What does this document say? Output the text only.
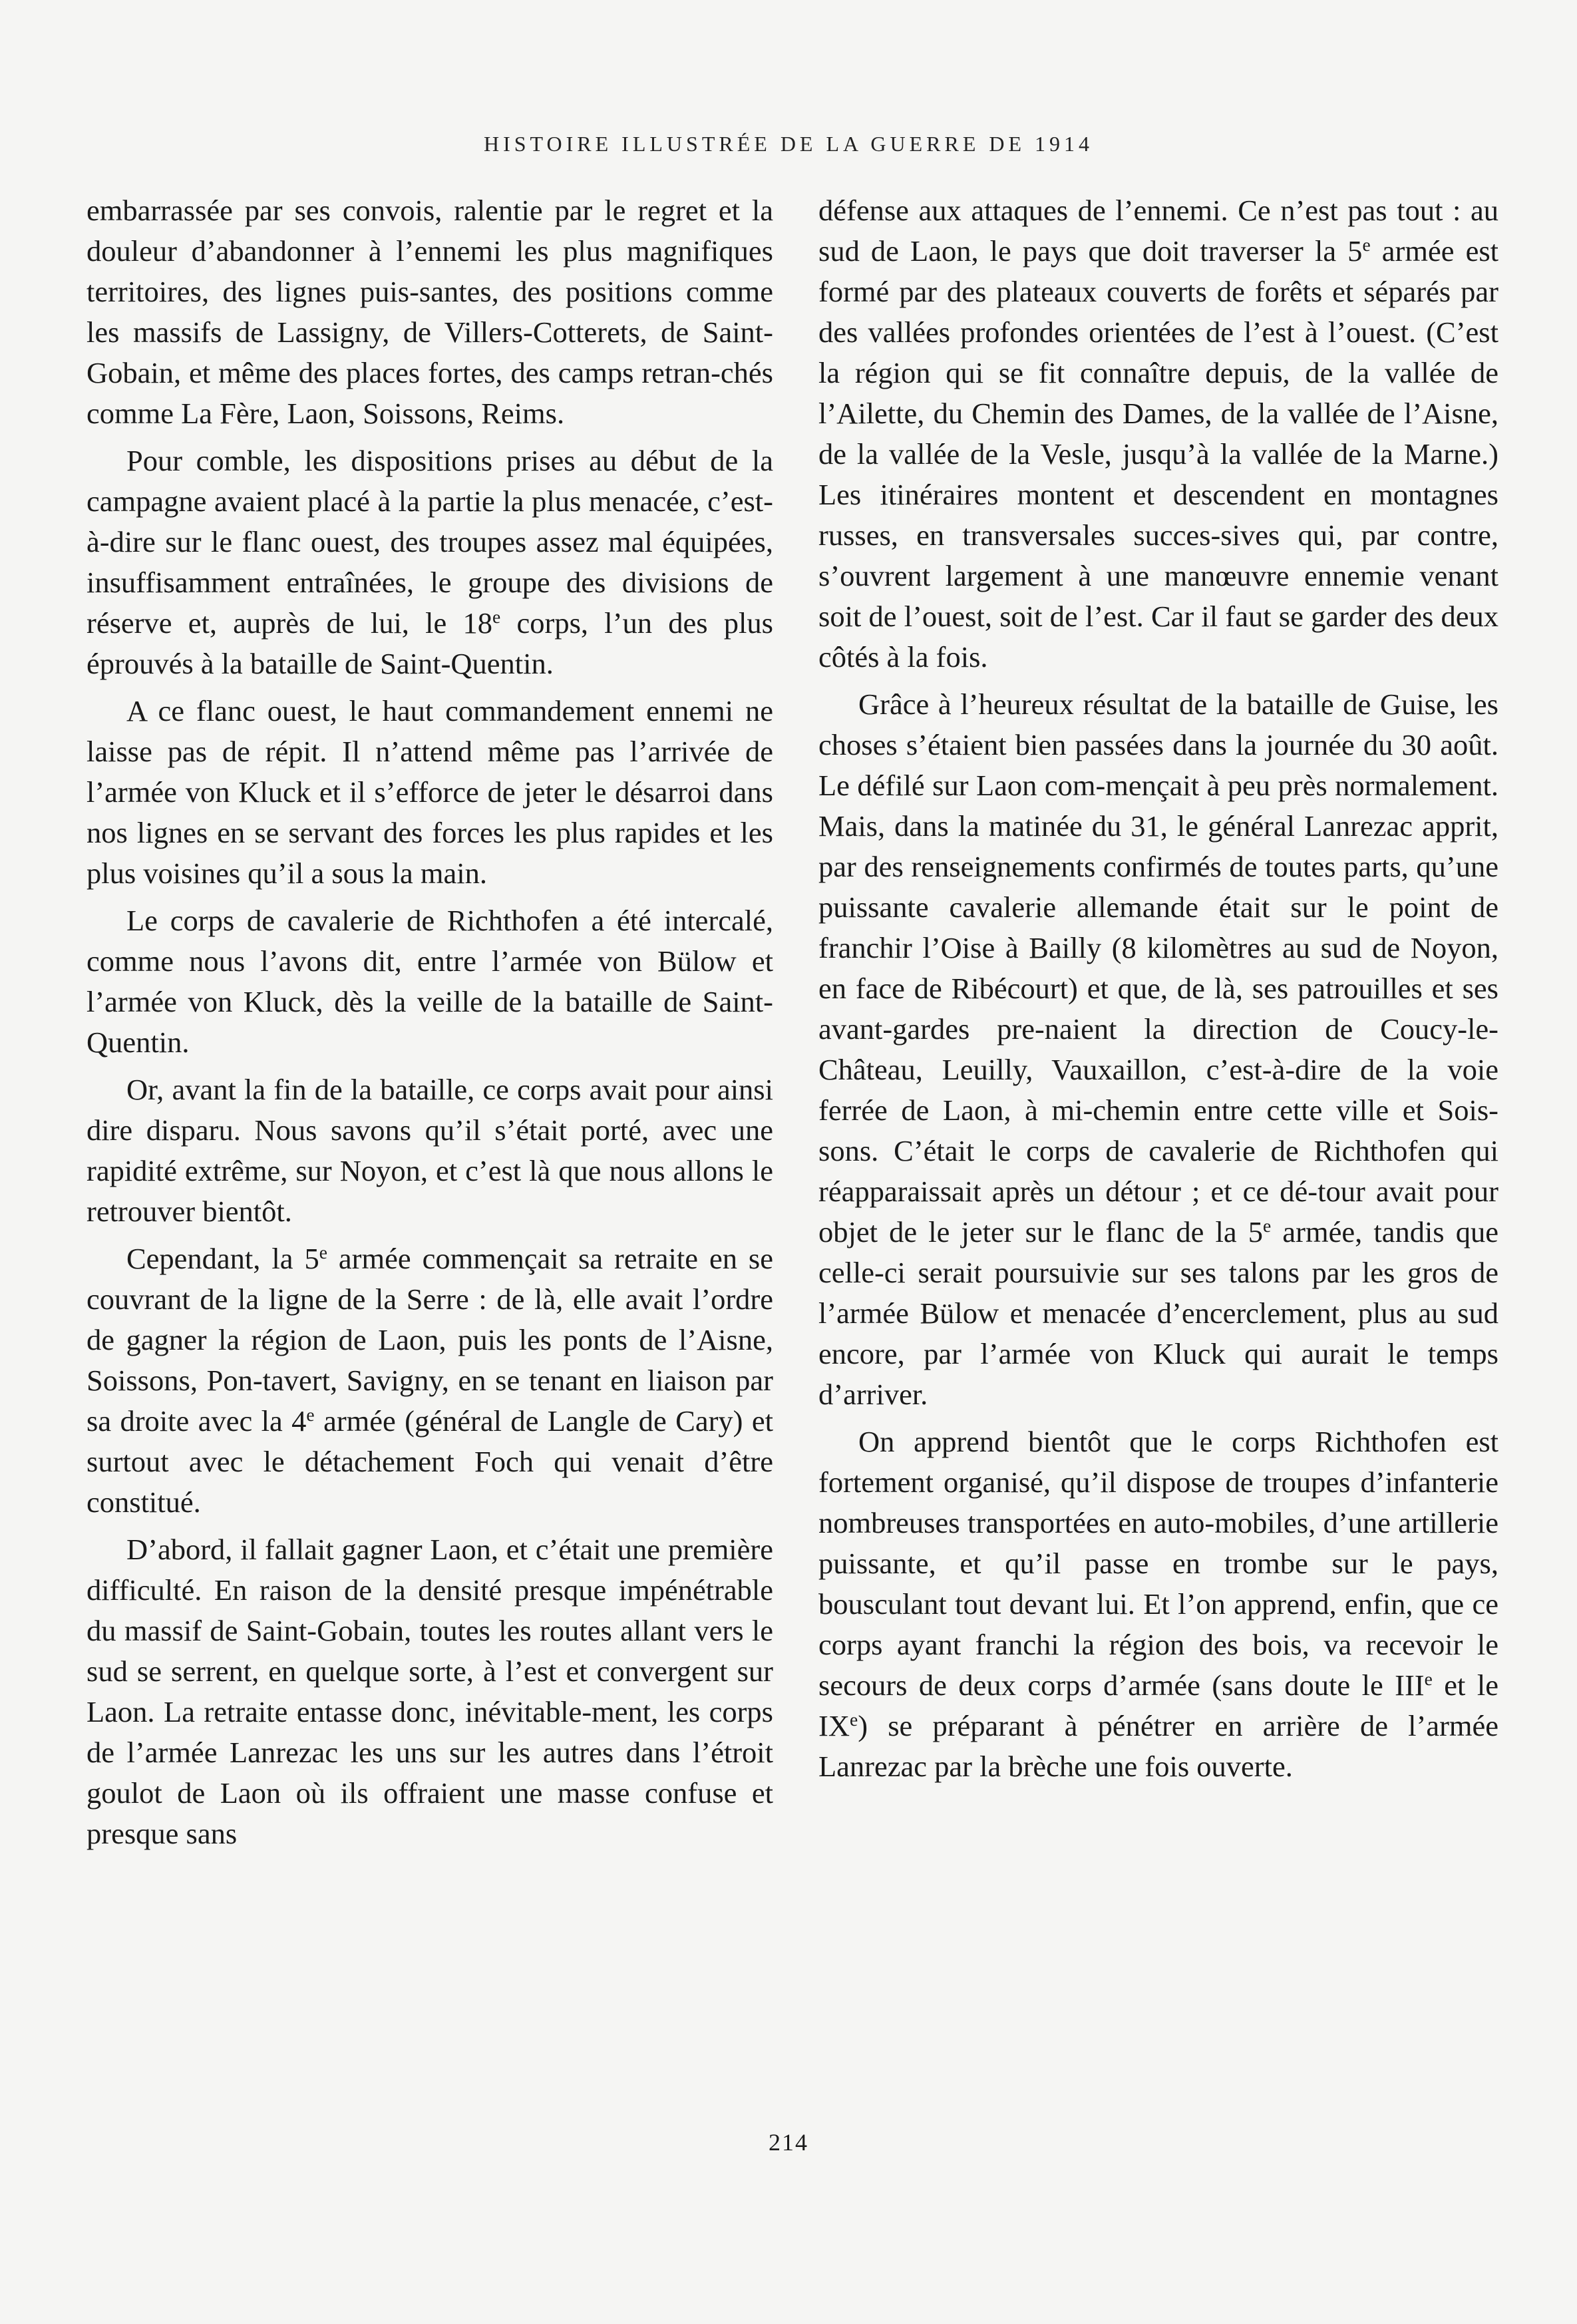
HISTOIRE ILLUSTRÉE DE LA GUERRE DE 1914

embarrassée par ses convois, ralentie par le regret et la douleur d’abandonner à l’ennemi les plus magnifiques territoires, des lignes puis-santes, des positions comme les massifs de Lassigny, de Villers-Cotterets, de Saint-Gobain, et même des places fortes, des camps retran-chés comme La Fère, Laon, Soissons, Reims.

Pour comble, les dispositions prises au début de la campagne avaient placé à la partie la plus menacée, c’est-à-dire sur le flanc ouest, des troupes assez mal équipées, insuffisamment entraînées, le groupe des divisions de réserve et, auprès de lui, le 18e corps, l’un des plus éprouvés à la bataille de Saint-Quentin.

A ce flanc ouest, le haut commandement ennemi ne laisse pas de répit. Il n’attend même pas l’arrivée de l’armée von Kluck et il s’efforce de jeter le désarroi dans nos lignes en se servant des forces les plus rapides et les plus voisines qu’il a sous la main.

Le corps de cavalerie de Richthofen a été intercalé, comme nous l’avons dit, entre l’armée von Bülow et l’armée von Kluck, dès la veille de la bataille de Saint-Quentin.

Or, avant la fin de la bataille, ce corps avait pour ainsi dire disparu. Nous savons qu’il s’était porté, avec une rapidité extrême, sur Noyon, et c’est là que nous allons le retrouver bientôt.

Cependant, la 5e armée commençait sa retraite en se couvrant de la ligne de la Serre : de là, elle avait l’ordre de gagner la région de Laon, puis les ponts de l’Aisne, Soissons, Pon-tavert, Savigny, en se tenant en liaison par sa droite avec la 4e armée (général de Langle de Cary) et surtout avec le détachement Foch qui venait d’être constitué.

D’abord, il fallait gagner Laon, et c’était une première difficulté. En raison de la densité presque impénétrable du massif de Saint-Gobain, toutes les routes allant vers le sud se serrent, en quelque sorte, à l’est et convergent sur Laon. La retraite entasse donc, inévitable-ment, les corps de l’armée Lanrezac les uns sur les autres dans l’étroit goulot de Laon où ils offraient une masse confuse et presque sans

défense aux attaques de l’ennemi. Ce n’est pas tout : au sud de Laon, le pays que doit traverser la 5e armée est formé par des plateaux couverts de forêts et séparés par des vallées profondes orientées de l’est à l’ouest. (C’est la région qui se fit connaître depuis, de la vallée de l’Ailette, du Chemin des Dames, de la vallée de l’Aisne, de la vallée de la Vesle, jusqu’à la vallée de la Marne.) Les itinéraires montent et descendent en montagnes russes, en transversales succes-sives qui, par contre, s’ouvrent largement à une manœuvre ennemie venant soit de l’ouest, soit de l’est. Car il faut se garder des deux côtés à la fois.

Grâce à l’heureux résultat de la bataille de Guise, les choses s’étaient bien passées dans la journée du 30 août. Le défilé sur Laon com-mençait à peu près normalement. Mais, dans la matinée du 31, le général Lanrezac apprit, par des renseignements confirmés de toutes parts, qu’une puissante cavalerie allemande était sur le point de franchir l’Oise à Bailly (8 kilomètres au sud de Noyon, en face de Ribécourt) et que, de là, ses patrouilles et ses avant-gardes pre-naient la direction de Coucy-le-Château, Leuilly, Vauxaillon, c’est-à-dire de la voie ferrée de Laon, à mi-chemin entre cette ville et Sois-sons. C’était le corps de cavalerie de Richthofen qui réapparaissait après un détour ; et ce dé-tour avait pour objet de le jeter sur le flanc de la 5e armée, tandis que celle-ci serait poursuivie sur ses talons par les gros de l’armée Bülow et menacée d’encerclement, plus au sud encore, par l’armée von Kluck qui aurait le temps d’arriver.

On apprend bientôt que le corps Richthofen est fortement organisé, qu’il dispose de troupes d’infanterie nombreuses transportées en auto-mobiles, d’une artillerie puissante, et qu’il passe en trombe sur le pays, bousculant tout devant lui. Et l’on apprend, enfin, que ce corps ayant franchi la région des bois, va recevoir le secours de deux corps d’armée (sans doute le IIIe et le IXe) se préparant à pénétrer en arrière de l’armée Lanrezac par la brèche une fois ouverte.

214
